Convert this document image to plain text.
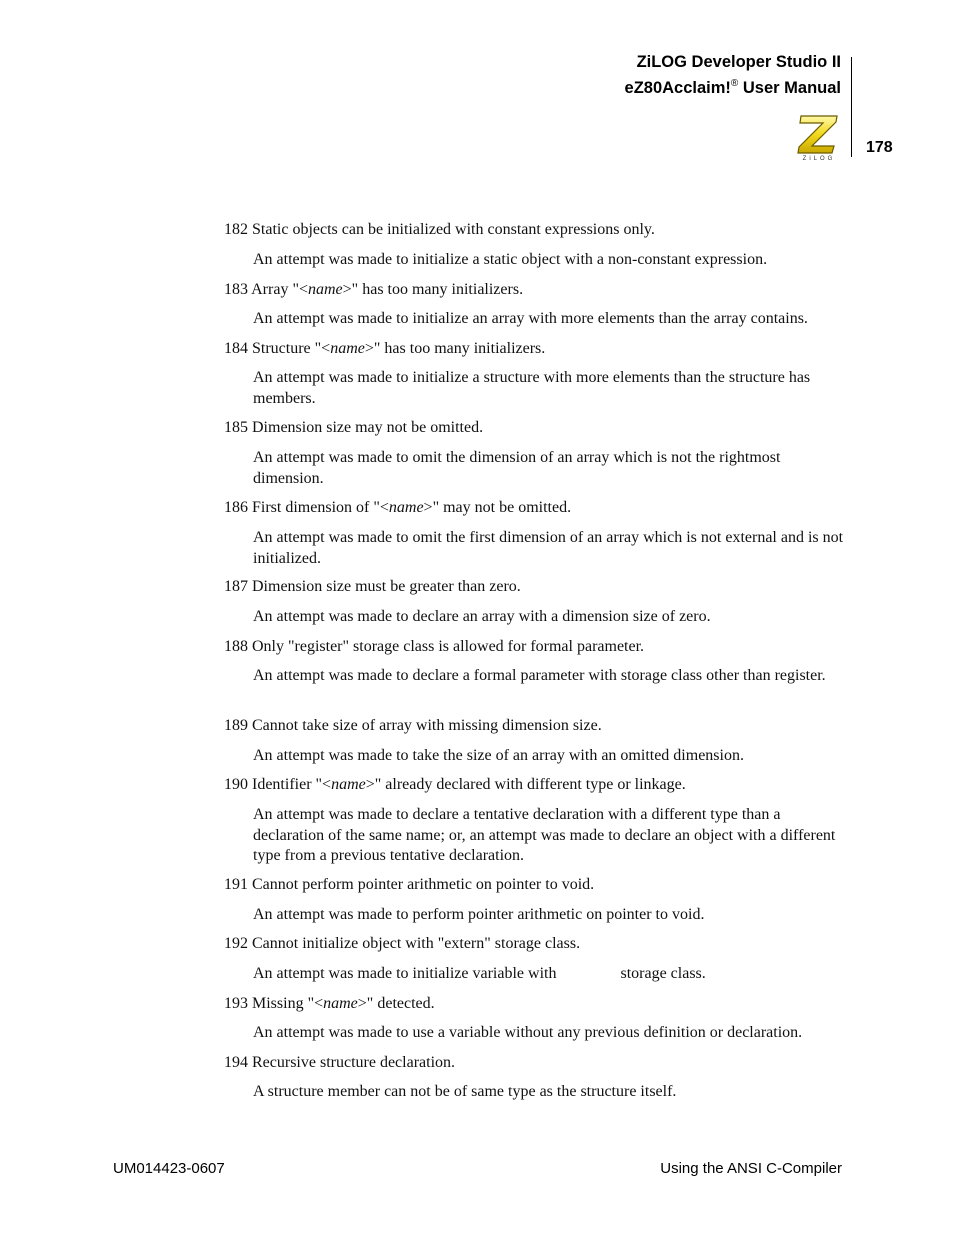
ZiLOG Developer Studio II
eZ80Acclaim!® User Manual
178
ZiLOG
182 Static objects can be initialized with constant expressions only.
An attempt was made to initialize a static object with a non-constant expression.
183 Array "<name>" has too many initializers.
An attempt was made to initialize an array with more elements than the array contains.
184 Structure "<name>" has too many initializers.
An attempt was made to initialize a structure with more elements than the structure has members.
185 Dimension size may not be omitted.
An attempt was made to omit the dimension of an array which is not the rightmost dimension.
186 First dimension of "<name>" may not be omitted.
An attempt was made to omit the first dimension of an array which is not external and is not initialized.
187 Dimension size must be greater than zero.
An attempt was made to declare an array with a dimension size of zero.
188 Only "register" storage class is allowed for formal parameter.
An attempt was made to declare a formal parameter with storage class other than register.
189 Cannot take size of array with missing dimension size.
An attempt was made to take the size of an array with an omitted dimension.
190 Identifier "<name>" already declared with different type or linkage.
An attempt was made to declare a tentative declaration with a different type than a declaration of the same name; or, an attempt was made to declare an object with a different type from a previous tentative declaration.
191 Cannot perform pointer arithmetic on pointer to void.
An attempt was made to perform pointer arithmetic on pointer to void.
192 Cannot initialize object with "extern" storage class.
An attempt was made to initialize variable with	storage class.
193 Missing "<name>" detected.
An attempt was made to use a variable without any previous definition or declaration.
194 Recursive structure declaration.
A structure member can not be of same type as the structure itself.
UM014423-0607	Using the ANSI C-Compiler
